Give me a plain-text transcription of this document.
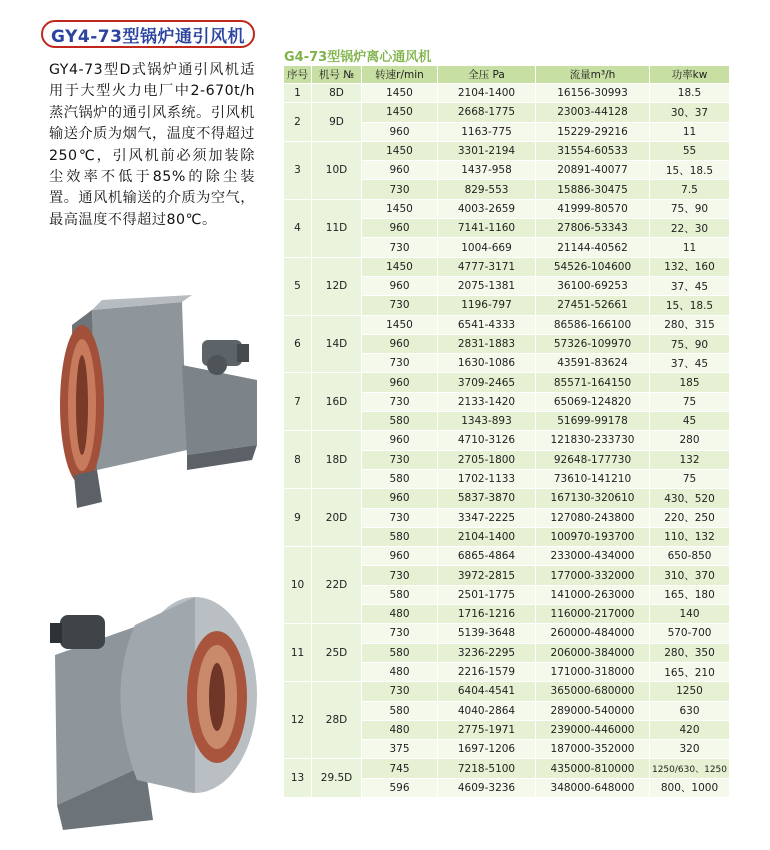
GY4-73型锅炉通引风机
GY4-73型D式锅炉通引风机适用于大型火力电厂中2-670t/h蒸汽锅炉的通引风系统。引风机输送介质为烟气，温度不得超过250℃，引风机前必须加装除尘效率不低于85%的除尘装置。通风机输送的介质为空气，最高温度不得超过80℃。
G4-73型锅炉离心通风机
序号	机号 №	转速r/min	全压 Pa	流量m³/h	功率kw
1	8D	1450	2104-1400	16156-30993	18.5
2	9D	1450	2668-1775	23003-44128	30、37
		960	1163-775	15229-29216	11
3	10D	1450	3301-2194	31554-60533	55
		960	1437-958	20891-40077	15、18.5
		730	829-553	15886-30475	7.5
4	11D	1450	4003-2659	41999-80570	75、90
		960	7141-1160	27806-53343	22、30
		730	1004-669	21144-40562	11
5	12D	1450	4777-3171	54526-104600	132、160
		960	2075-1381	36100-69253	37、45
		730	1196-797	27451-52661	15、18.5
6	14D	1450	6541-4333	86586-166100	280、315
		960	2831-1883	57326-109970	75、90
		730	1630-1086	43591-83624	37、45
7	16D	960	3709-2465	85571-164150	185
		730	2133-1420	65069-124820	75
		580	1343-893	51699-99178	45
8	18D	960	4710-3126	121830-233730	280
		730	2705-1800	92648-177730	132
		580	1702-1133	73610-141210	75
9	20D	960	5837-3870	167130-320610	430、520
		730	3347-2225	127080-243800	220、250
		580	2104-1400	100970-193700	110、132
10	22D	960	6865-4864	233000-434000	650-850
		730	3972-2815	177000-332000	310、370
		580	2501-1775	141000-263000	165、180
		480	1716-1216	116000-217000	140
11	25D	730	5139-3648	260000-484000	570-700
		580	3236-2295	206000-384000	280、350
		480	2216-1579	171000-318000	165、210
12	28D	730	6404-4541	365000-680000	1250
		580	4040-2864	289000-540000	630
		480	2775-1971	239000-446000	420
		375	1697-1206	187000-352000	320
13	29.5D	745	7218-5100	435000-810000	1250/630、1250
		596	4609-3236	348000-648000	800、1000
